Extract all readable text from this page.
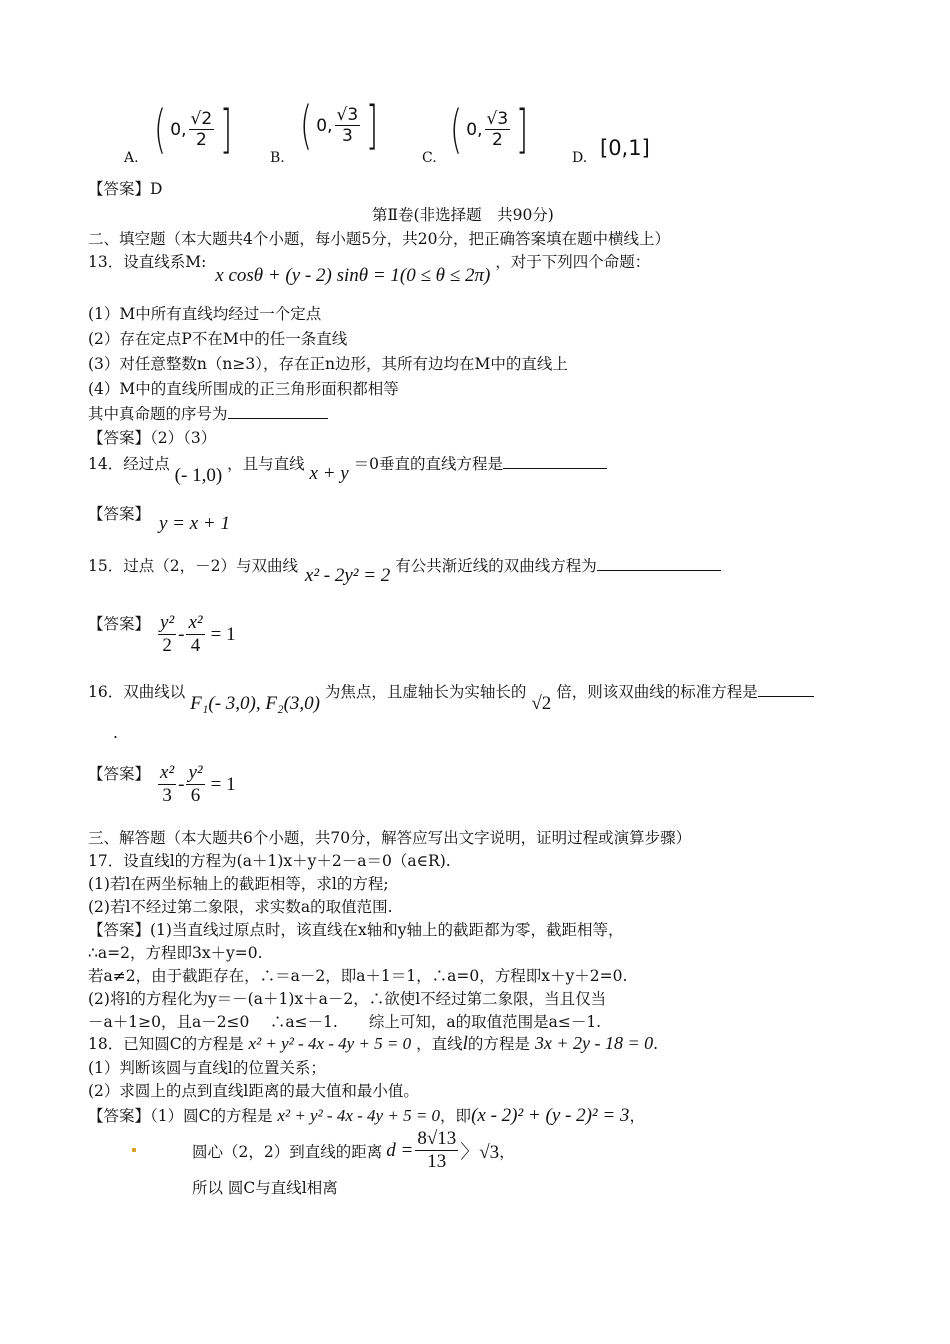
A. ( 0, $\frac{√2}{2}$ ]	B.
( 0, $\frac{√3}{3}$ ]
C. ( 0, $\frac{√3}{2}$ ]	D. [0,1]
【答案】D
第Ⅱ卷(非选择题　共90分)
二、填空题（本大题共4个小题，每小题5分，共20分，把正确答案填在题中横线上）
13．设直线系M: x cosθ + (y - 2) sinθ = 1(0 ≤ θ ≤ 2π) ，对于下列四个命题：
(1）M中所有直线均经过一个定点
(2）存在定点P不在M中的任一条直线
(3）对任意整数n（n≥3），存在正n边形，其所有边均在M中的直线上
(4）M中的直线所围成的正三角形面积都相等
其中真命题的序号为
【答案】（2）（3）
14．经过点 (- 1,0) ，且与直线 x + y ＝0垂直的直线方程是
【答案】 y = x + 1
15．过点（2，－2）与双曲线 x² - 2y² = 2 有公共渐近线的双曲线方程为
【答案】 $\frac{\text{y²}}{2} - \frac{\text{x²}}{4} = 1$
16．双曲线以 F₁(- 3,0), F₂(3,0) 为焦点，且虚轴长为实轴长的 √2 倍，则该双曲线的标准方程是
.
【答案】 $\frac{\text{x²}}{3} - \frac{\text{y²}}{6} = 1$
三、解答题（本大题共6个小题，共70分，解答应写出文字说明，证明过程或演算步骤）
17．设直线l的方程为(a＋1)x＋y＋2－a＝0（a∈R).
(1)若l在两坐标轴上的截距相等，求l的方程;
(2)若l不经过第二象限，求实数a的取值范围.
【答案】(1)当直线过原点时，该直线在x轴和y轴上的截距都为零，截距相等，
∴a=2，方程即3x＋y=0.
若a≠2，由于截距存在，∴＝a－2，即a＋1＝1，∴a=0，方程即x＋y＋2=0.
(2)将l的方程化为y＝－(a＋1)x＋a－2，∴欲使l不经过第二象限，当且仅当
－a＋1≥0，且a－2≤0　 ∴a≤－1.　　综上可知，a的取值范围是a≤－1.
18．已知圆C的方程是 x² + y² - 4x - 4y + 5 = 0 ，直线l的方程是 3x + 2y - 18 = 0.
(1）判断该圆与直线l的位置关系；
(2）求圆上的点到直线l距离的最大值和最小值。
【答案】（1）圆C的方程是 x² + y² - 4x - 4y + 5 = 0，即(x - 2)² + (y - 2)² = 3，
圆心（2，2）到直线的距离 $d = \frac{8√13}{13}$ 〉√3 ，
所以 圆C与直线l相离
